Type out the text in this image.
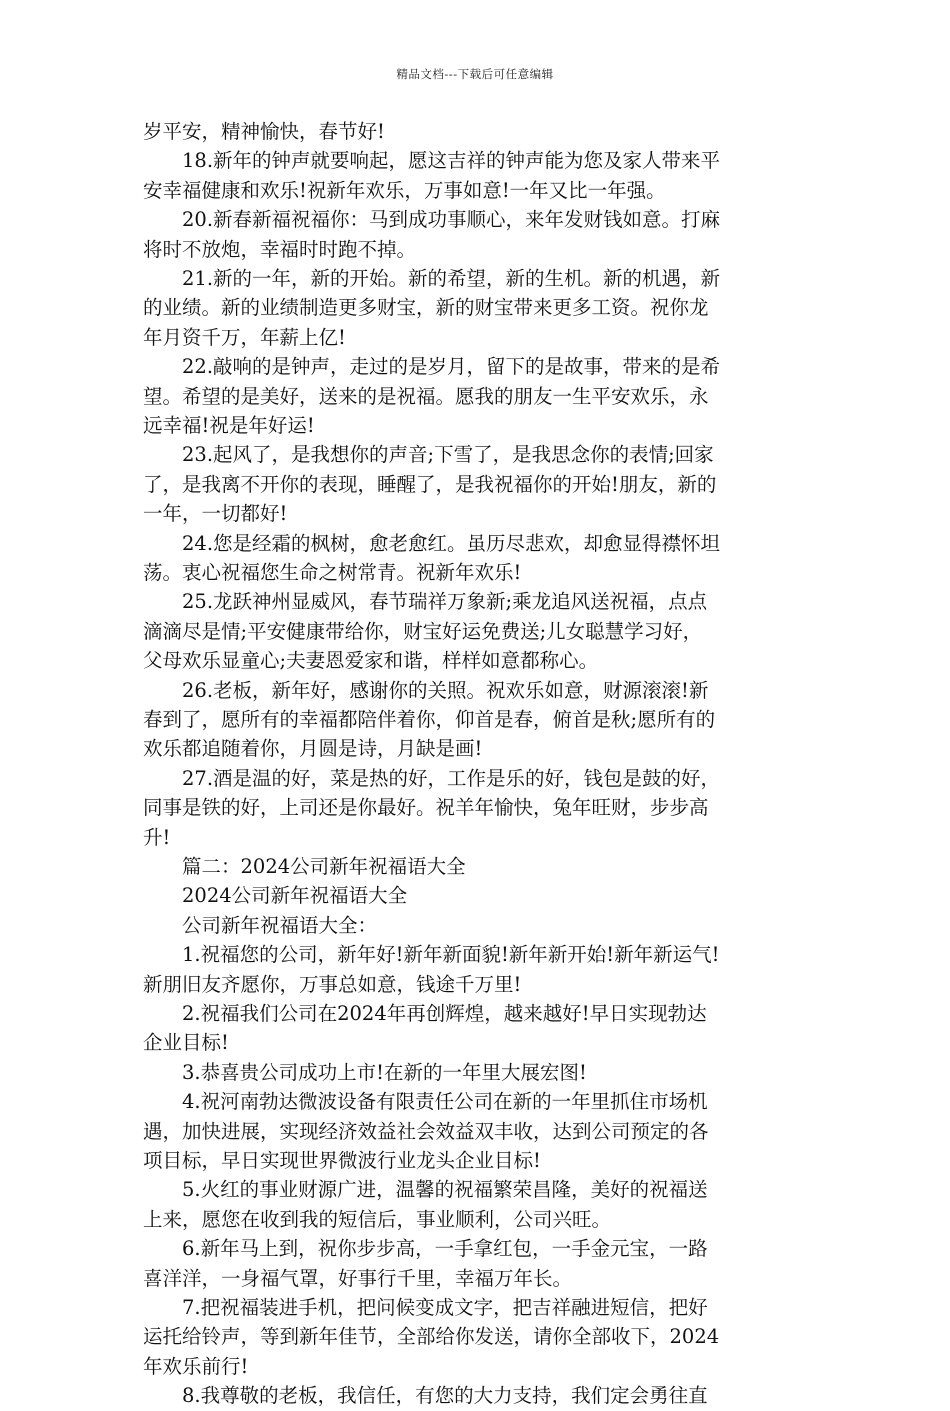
精品文档---下载后可任意编辑
岁平安，精神愉快，春节好!
　　18.新年的钟声就要响起，愿这吉祥的钟声能为您及家人带来平
安幸福健康和欢乐!祝新年欢乐，万事如意!一年又比一年强。
　　20.新春新福祝福你：马到成功事顺心，来年发财钱如意。打麻
将时不放炮，幸福时时跑不掉。
　　21.新的一年，新的开始。新的希望，新的生机。新的机遇，新
的业绩。新的业绩制造更多财宝，新的财宝带来更多工资。祝你龙
年月资千万，年薪上亿!
　　22.敲响的是钟声，走过的是岁月，留下的是故事，带来的是希
望。希望的是美好，送来的是祝福。愿我的朋友一生平安欢乐，永
远幸福!祝是年好运!
　　23.起风了，是我想你的声音;下雪了，是我思念你的表情;回家
了，是我离不开你的表现，睡醒了，是我祝福你的开始!朋友，新的
一年，一切都好!
　　24.您是经霜的枫树，愈老愈红。虽历尽悲欢，却愈显得襟怀坦
荡。衷心祝福您生命之树常青。祝新年欢乐!
　　25.龙跃神州显威风，春节瑞祥万象新;乘龙追风送祝福，点点
滴滴尽是情;平安健康带给你，财宝好运免费送;儿女聪慧学习好，
父母欢乐显童心;夫妻恩爱家和谐，样样如意都称心。
　　26.老板，新年好，感谢你的关照。祝欢乐如意，财源滚滚!新
春到了，愿所有的幸福都陪伴着你，仰首是春，俯首是秋;愿所有的
欢乐都追随着你，月圆是诗，月缺是画!
　　27.酒是温的好，菜是热的好，工作是乐的好，钱包是鼓的好，
同事是铁的好，上司还是你最好。祝羊年愉快，兔年旺财，步步高
升!
　　篇二：2024公司新年祝福语大全
　　2024公司新年祝福语大全
　　公司新年祝福语大全：
　　1.祝福您的公司，新年好!新年新面貌!新年新开始!新年新运气!
新朋旧友齐愿你，万事总如意，钱途千万里!
　　2.祝福我们公司在2024年再创辉煌，越来越好!早日实现勃达
企业目标!
　　3.恭喜贵公司成功上市!在新的一年里大展宏图!
　　4.祝河南勃达微波设备有限责任公司在新的一年里抓住市场机
遇，加快进展，实现经济效益社会效益双丰收，达到公司预定的各
项目标，早日实现世界微波行业龙头企业目标!
　　5.火红的事业财源广进，温馨的祝福繁荣昌隆，美好的祝福送
上来，愿您在收到我的短信后，事业顺利，公司兴旺。
　　6.新年马上到，祝你步步高，一手拿红包，一手金元宝，一路
喜洋洋，一身福气罩，好事行千里，幸福万年长。
　　7.把祝福装进手机，把问候变成文字，把吉祥融进短信，把好
运托给铃声，等到新年佳节，全部给你发送，请你全部收下，2024
年欢乐前行!
　　8.我尊敬的老板，我信任，有您的大力支持，我们定会勇往直
